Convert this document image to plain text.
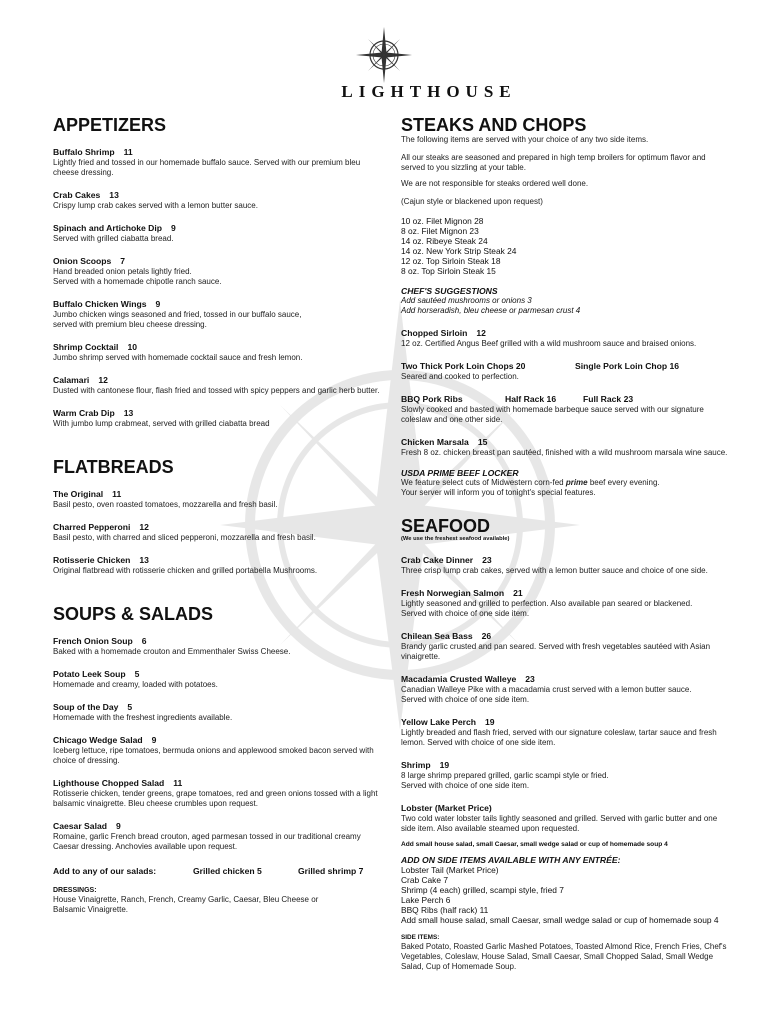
LIGHTHOUSE
APPETIZERS
Buffalo Shrimp 11
Lightly fried and tossed in our homemade buffalo sauce. Served with our premium bleu cheese dressing.
Crab Cakes 13
Crispy lump crab cakes served with a lemon butter sauce.
Spinach and Artichoke Dip 9
Served with grilled ciabatta bread.
Onion Scoops 7
Hand breaded onion petals lightly fried.
Served with a homemade chipotle ranch sauce.
Buffalo Chicken Wings 9
Jumbo chicken wings seasoned and fried, tossed in our buffalo sauce,
served with premium bleu cheese dressing.
Shrimp Cocktail 10
Jumbo shrimp served with homemade cocktail sauce and fresh lemon.
Calamari 12
Dusted with cantonese flour, flash fried and tossed with spicy peppers and garlic herb butter.
Warm Crab Dip 13
With jumbo lump crabmeat, served with grilled ciabatta bread
FLATBREADS
The Original 11
Basil pesto, oven roasted tomatoes, mozzarella and fresh basil.
Charred Pepperoni 12
Basil pesto, with charred and sliced pepperoni, mozzarella and fresh basil.
Rotisserie Chicken 13
Original flatbread with rotisserie chicken and grilled portabella Mushrooms.
SOUPS & SALADS
French Onion Soup 6
Baked with a homemade crouton and Emmenthaler Swiss Cheese.
Potato Leek Soup 5
Homemade and creamy, loaded with potatoes.
Soup of the Day 5
Homemade with the freshest ingredients available.
Chicago Wedge Salad 9
Iceberg lettuce, ripe tomatoes, bermuda onions and applewood smoked bacon served with
choice of dressing.
Lighthouse Chopped Salad 11
Rotisserie chicken, tender greens, grape tomatoes, red and green onions tossed with a light balsamic vinaigrette. Bleu cheese crumbles upon request.
Caesar Salad 9
Romaine, garlic French bread crouton, aged parmesan tossed in our traditional creamy Caesar dressing. Anchovies available upon request.
Add to any of our salads:	Grilled chicken 5	Grilled shrimp 7
DRESSINGS:
House Vinaigrette, Ranch, French, Creamy Garlic, Caesar, Bleu Cheese or
Balsamic Vinaigrette.
STEAKS AND CHOPS
The following items are served with your choice of any two side items.
All our steaks are seasoned and prepared in high temp broilers for optimum flavor and served to you sizzling at your table.
We are not responsible for steaks ordered well done.
(Cajun style or blackened upon request)
10 oz. Filet Mignon 28
8 oz. Filet Mignon 23
14 oz. Ribeye Steak 24
14 oz. New York Strip Steak 24
12 oz. Top Sirloin Steak 18
8 oz. Top Sirloin Steak 15
CHEF'S SUGGESTIONS
Add sautéed mushrooms or onions 3
Add horseradish, bleu cheese or parmesan crust 4
Chopped Sirloin 12
12 oz. Certified Angus Beef grilled with a wild mushroom sauce and braised onions.
Two Thick Pork Loin Chops 20	Single Pork Loin Chop 16
Seared and cooked to perfection.
BBQ Pork Ribs	Half Rack 16	Full Rack 23
Slowly cooked and basted with homemade barbeque sauce served with our signature coleslaw and one other side.
Chicken Marsala 15
Fresh 8 oz. chicken breast pan sautéed, finished with a wild mushroom marsala wine sauce.
USDA PRIME BEEF LOCKER
We feature select cuts of Midwestern corn-fed prime beef every evening.
Your server will inform you of tonight's special features.
SEAFOOD
(We use the freshest seafood available)
Crab Cake Dinner 23
Three crisp lump crab cakes, served with a lemon butter sauce and choice of one side.
Fresh Norwegian Salmon 21
Lightly seasoned and grilled to perfection. Also available pan seared or blackened.
Served with choice of one side item.
Chilean Sea Bass 26
Brandy garlic crusted and pan seared. Served with fresh vegetables sautéed with Asian vinaigrette.
Macadamia Crusted Walleye 23
Canadian Walleye Pike with a macadamia crust served with a lemon butter sauce.
Served with choice of one side item.
Yellow Lake Perch 19
Lightly breaded and flash fried, served with our signature coleslaw, tartar sauce and fresh lemon. Served with choice of one side item.
Shrimp 19
8 large shrimp prepared grilled, garlic scampi style or fried.
Served with choice of one side item.
Lobster (Market Price)
Two cold water lobster tails lightly seasoned and grilled. Served with garlic butter and one side item. Also available steamed upon requested.
Add small house salad, small Caesar, small wedge salad or cup of homemade soup 4
ADD ON SIDE ITEMS AVAILABLE WITH ANY ENTRÉE:
Lobster Tail (Market Price)
Crab Cake 7
Shrimp (4 each) grilled, scampi style, fried 7
Lake Perch 6
BBQ Ribs (half rack) 11
Add small house salad, small Caesar, small wedge salad or cup of homemade soup 4
SIDE ITEMS:
Baked Potato, Roasted Garlic Mashed Potatoes, Toasted Almond Rice, French Fries, Chef's Vegetables, Coleslaw, House Salad, Small Caesar, Small Chopped Salad, Small Wedge Salad, Cup of Homemade Soup.
